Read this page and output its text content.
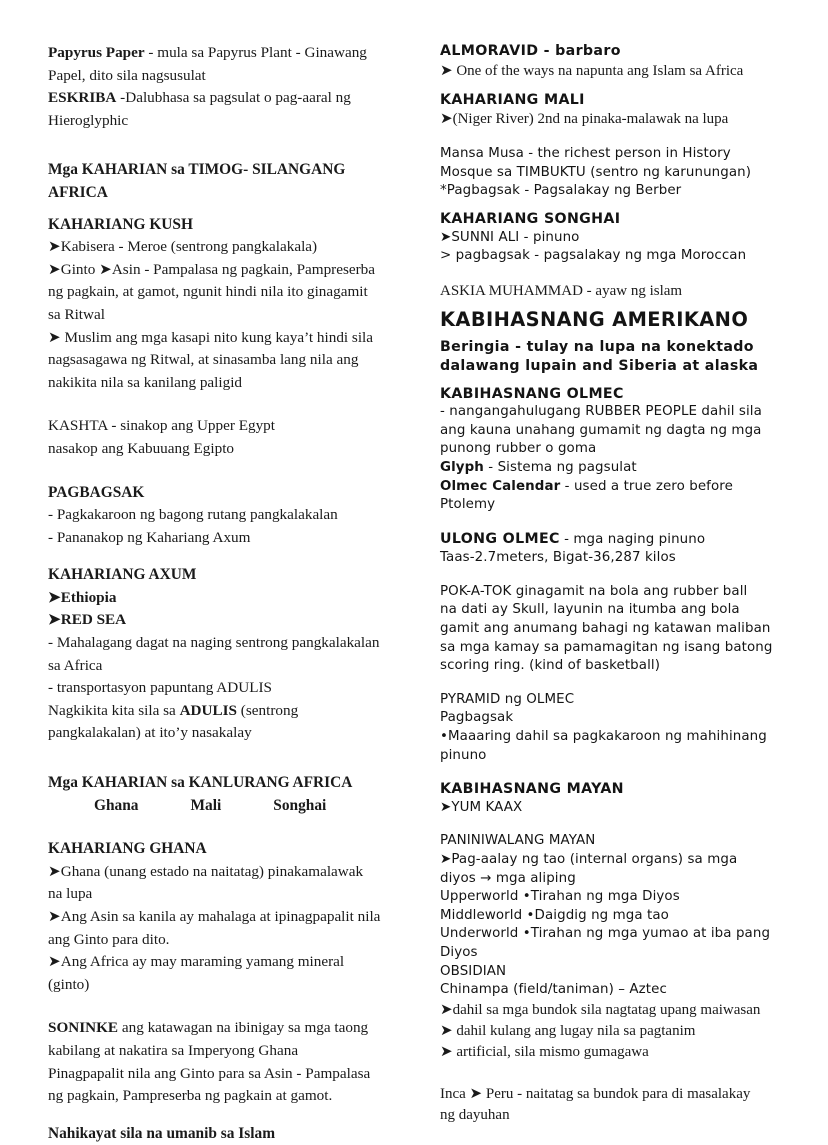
Papyrus Paper - mula sa Papyrus Plant - Ginawang

Papel, dito sila nagsusulat

ESKRIBA -Dalubhasa sa pagsulat o pag-aaral ng

Hieroglyphic

Mga KAHARIAN sa TIMOG- SILANGANG AFRICA

KAHARIANG KUSH

➤Kabisera - Meroe (sentrong pangkalakala)

➤Ginto ➤Asin - Pampalasa ng pagkain, Pampreserba

ng pagkain, at gamot, ngunit hindi nila ito ginagamit

sa Ritwal

➤ Muslim ang mga kasapi nito kung kaya’t hindi sila

nagsasagawa ng Ritwal, at sinasamba lang nila ang

nakikita nila sa kanilang paligid

KASHTA - sinakop ang Upper Egypt

nasakop ang Kabuuang Egipto

PAGBAGSAK

- Pagkakaroon ng bagong rutang pangkalakalan

- Pananakop ng Kahariang Axum

KAHARIANG AXUM

➤Ethiopia

➤RED SEA

- Mahalagang dagat na naging sentrong pangkalakalan

sa Africa

- transportasyon papuntang ADULIS

Nagkikita kita sila sa ADULIS (sentrong

pangkalakalan) at ito’y nasakalay

Mga KAHARIAN sa KANLURANG AFRICA

Ghana	Mali	Songhai

KAHARIANG GHANA

➤Ghana (unang estado na naitatag) pinakamalawak

na lupa

➤Ang Asin sa kanila ay mahalaga at ipinagpapalit nila

ang Ginto para dito.

➤Ang Africa ay may maraming yamang mineral

(ginto)

SONINKE ang katawagan na ibinigay sa mga taong

kabilang at nakatira sa Imperyong Ghana

Pinagpapalit nila ang Ginto para sa Asin - Pampalasa

ng pagkain, Pampreserba ng pagkain at gamot.

Nahikayat sila na umanib sa Islam

ALMORAVID - barbaro

➤ One of the ways na napunta ang Islam sa Africa

KAHARIANG MALI

➤(Niger River) 2nd na pinaka-malawak na lupa

Mansa Musa - the richest person in History

Mosque sa TIMBUKTU (sentro ng karunungan)

*Pagbagsak - Pagsalakay ng Berber

KAHARIANG SONGHAI

➤SUNNI ALI - pinuno

> pagbagsak - pagsalakay ng mga Moroccan

ASKIA MUHAMMAD - ayaw ng islam

KABIHASNANG AMERIKANO

Beringia - tulay na lupa na konektado

dalawang lupain and Siberia at alaska

KABIHASNANG OLMEC

- nangangahulugang RUBBER PEOPLE dahil sila

ang kauna unahang gumamit ng dagta ng mga

punong rubber o goma

Glyph - Sistema ng pagsulat

Olmec Calendar - used a true zero before

Ptolemy

ULONG OLMEC - mga naging pinuno

Taas-2.7meters, Bigat-36,287 kilos

POK-A-TOK ginagamit na bola ang rubber ball

na dati ay Skull, layunin na itumba ang bola

gamit ang anumang bahagi ng katawan maliban

sa mga kamay sa pamamagitan ng isang batong

scoring ring. (kind of basketball)

PYRAMID ng OLMEC

Pagbagsak

•Maaaring dahil sa pagkakaroon ng mahihinang

pinuno

KABIHASNANG MAYAN

➤YUM KAAX

PANINIWALANG MAYAN

➤Pag-aalay ng tao (internal organs) sa mga

diyos → mga aliping

Upperworld •Tirahan ng mga Diyos

Middleworld •Daigdig ng mga tao

Underworld •Tirahan ng mga yumao at iba pang

Diyos

OBSIDIAN

Chinampa (field/taniman) – Aztec

➤dahil sa mga bundok sila nagtatag upang maiwasan

➤ dahil kulang ang lugay nila sa pagtanim

➤ artificial, sila mismo gumagawa

Inca ➤ Peru - naitatag sa bundok para di masalakay

ng dayuhan
